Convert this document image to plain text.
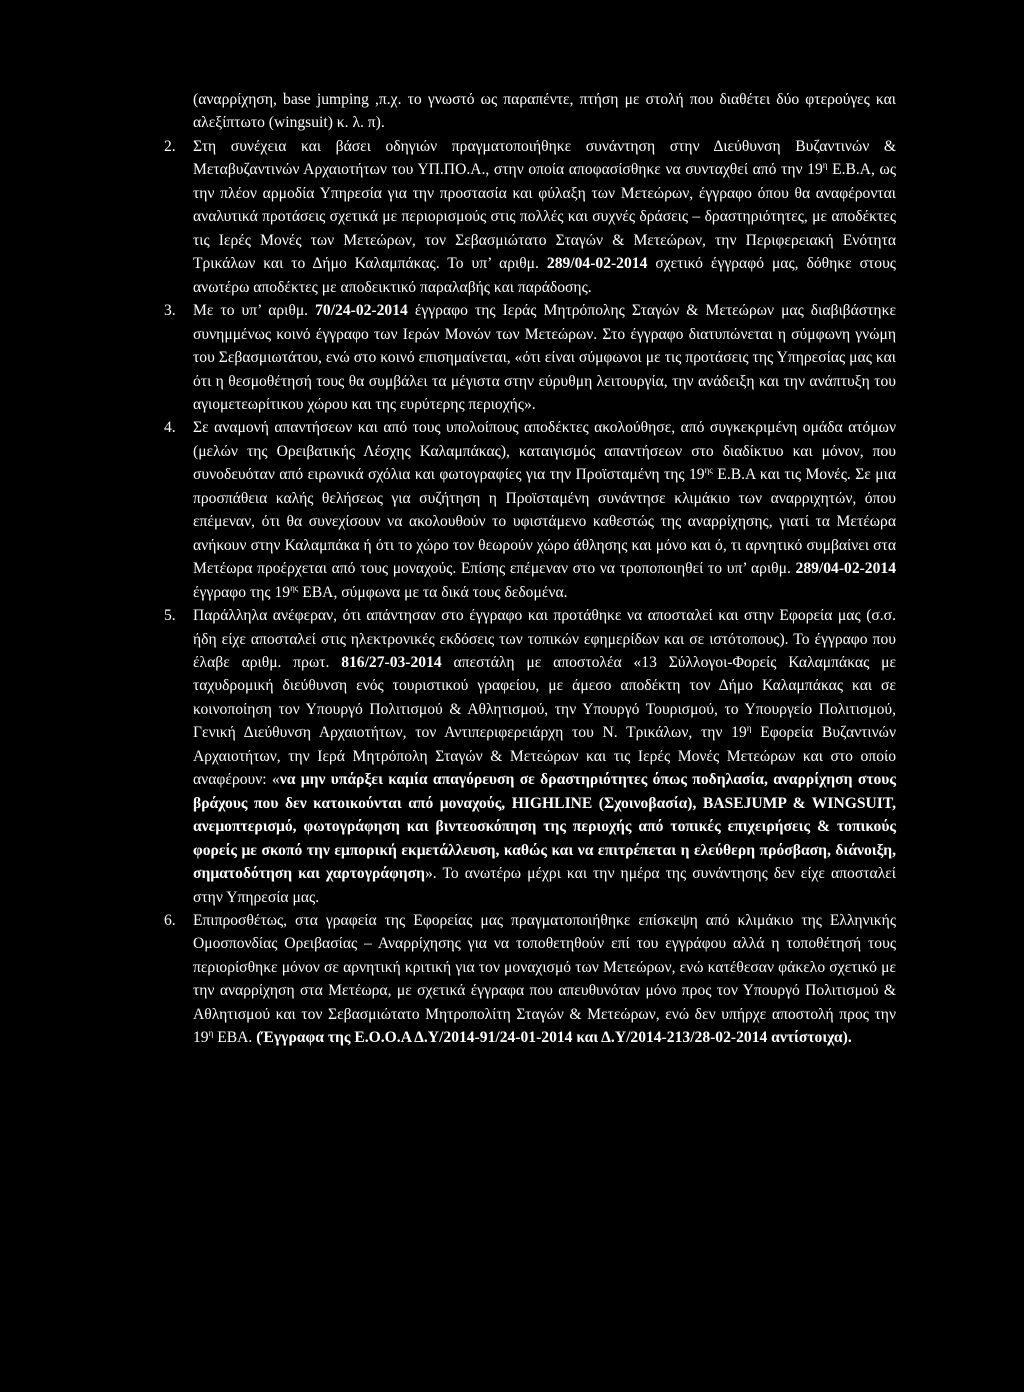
(αναρρίχηση, base jumping ,π.χ. το γνωστό ως παραπέντε, πτήση με στολή που διαθέτει δύο φτερούγες και αλεξίπτωτο (wingsuit) κ. λ. π).
2. Στη συνέχεια και βάσει οδηγιών πραγματοποιήθηκε συνάντηση στην Διεύθυνση Βυζαντινών & Μεταβυζαντινών Αρχαιοτήτων του ΥΠ.ΠΟ.Α., στην οποία αποφασίσθηκε να συνταχθεί από την $19^\eta$ Ε.Β.Α, ως την πλέον αρμοδία Υπηρεσία για την προστασία και φύλαξη των Μετεώρων, έγγραφο όπου θα αναφέρονται αναλυτικά προτάσεις σχετικά με περιορισμούς στις πολλές και συχνές δράσεις – δραστηριότητες, με αποδέκτες τις Ιερές Μονές των Μετεώρων, τον Σεβασμιώτατο Σταγών & Μετεώρων, την Περιφερειακή Ενότητα Τρικάλων και το Δήμο Καλαμπάκας. Το υπ’ αριθμ. 289/04-02-2014 σχετικό έγγραφό μας, δόθηκε στους ανωτέρω αποδέκτες με αποδεικτικό παραλαβής και παράδοσης.
3. Με το υπ’ αριθμ. 70/24-02-2014 έγγραφο της Ιεράς Μητρόπολης Σταγών & Μετεώρων μας διαβιβάστηκε συνημμένως κοινό έγγραφο των Ιερών Μονών των Μετεώρων. Στο έγγραφο διατυπώνεται η σύμφωνη γνώμη του Σεβασμιωτάτου, ενώ στο κοινό επισημαίνεται, «ότι είναι σύμφωνοι με τις προτάσεις της Υπηρεσίας μας και ότι η θεσμοθέτησή τους θα συμβάλει τα μέγιστα στην εύρυθμη λειτουργία, την ανάδειξη και την ανάπτυξη του αγιομετεωρίτικου χώρου και της ευρύτερης περιοχής».
4. Σε αναμονή απαντήσεων και από τους υπολοίπους αποδέκτες ακολούθησε, από συγκεκριμένη ομάδα ατόμων (μελών της Ορειβατικής Λέσχης Καλαμπάκας), καταιγισμός απαντήσεων στο διαδίκτυο και μόνον, που συνοδευόταν από ειρωνικά σχόλια και φωτογραφίες για την Προϊσταμένη της $19^{\eta\varsigma}$ Ε.Β.Α και τις Μονές. Σε μια προσπάθεια καλής θελήσεως για συζήτηση η Προϊσταμένη συνάντησε κλιμάκιο των αναρριχητών, όπου επέμεναν, ότι θα συνεχίσουν να ακολουθούν το υφιστάμενο καθεστώς της αναρρίχησης, γιατί τα Μετέωρα ανήκουν στην Καλαμπάκα ή ότι το χώρο τον θεωρούν χώρο άθλησης και μόνο και ό, τι αρνητικό συμβαίνει στα Μετέωρα προέρχεται από τους μοναχούς. Επίσης επέμεναν στο να τροποποιηθεί το υπ’ αριθμ. 289/04-02-2014 έγγραφο της $19^{\eta\varsigma}$ ΕΒΑ, σύμφωνα με τα δικά τους δεδομένα.
5. Παράλληλα ανέφεραν, ότι απάντησαν στο έγγραφο και προτάθηκε να αποσταλεί και στην Εφορεία μας (σ.σ. ήδη είχε αποσταλεί στις ηλεκτρονικές εκδόσεις των τοπικών εφημερίδων και σε ιστότοπους). Το έγγραφο που έλαβε αριθμ. πρωτ. 816/27-03-2014 απεστάλη με αποστολέα «13 Σύλλογοι-Φορείς Καλαμπάκας με ταχυδρομική διεύθυνση ενός τουριστικού γραφείου, με άμεσο αποδέκτη τον Δήμο Καλαμπάκας και σε κοινοποίηση τον Υπουργό Πολιτισμού & Αθλητισμού, την Υπουργό Τουρισμού, το Υπουργείο Πολιτισμού, Γενική Διεύθυνση Αρχαιοτήτων, τον Αντιπεριφερειάρχη του Ν. Τρικάλων, την $19^\eta$ Εφορεία Βυζαντινών Αρχαιοτήτων, την Ιερά Μητρόπολη Σταγών & Μετεώρων και τις Ιερές Μονές Μετεώρων και στο οποίο αναφέρουν: «να μην υπάρξει καμία απαγόρευση σε δραστηριότητες όπως ποδηλασία, αναρρίχηση στους βράχους που δεν κατοικούνται από μοναχούς, HIGHLINE (Σχοινοβασία), BASEJUMP & WINGSUIT, ανεμοπτερισμό, φωτογράφηση και βιντεοσκόπηση της περιοχής από τοπικές επιχειρήσεις & τοπικούς φορείς με σκοπό την εμπορική εκμετάλλευση, καθώς και να επιτρέπεται η ελεύθερη πρόσβαση, διάνοιξη, σηματοδότηση και χαρτογράφηση». Το ανωτέρω μέχρι και την ημέρα της συνάντησης δεν είχε αποσταλεί στην Υπηρεσία μας.
6. Επιπροσθέτως, στα γραφεία της Εφορείας μας πραγματοποιήθηκε επίσκεψη από κλιμάκιο της Ελληνικής Ομοσπονδίας Ορειβασίας – Αναρρίχησης για να τοποθετηθούν επί του εγγράφου αλλά η τοποθέτησή τους περιορίσθηκε μόνον σε αρνητική κριτική για τον μοναχισμό των Μετεώρων, ενώ κατέθεσαν φάκελο σχετικό με την αναρρίχηση στα Μετέωρα, με σχετικά έγγραφα που απευθυνόταν μόνο προς τον Υπουργό Πολιτισμού & Αθλητισμού και τον Σεβασμιώτατο Μητροπολίτη Σταγών & Μετεώρων, ενώ δεν υπήρχε αποστολή προς την $19^\eta$ ΕΒΑ. (Έγγραφα της Ε.Ο.Ο.Α Δ.Υ/2014-91/24-01-2014 και Δ.Υ/2014-213/28-02-2014 αντίστοιχα).
